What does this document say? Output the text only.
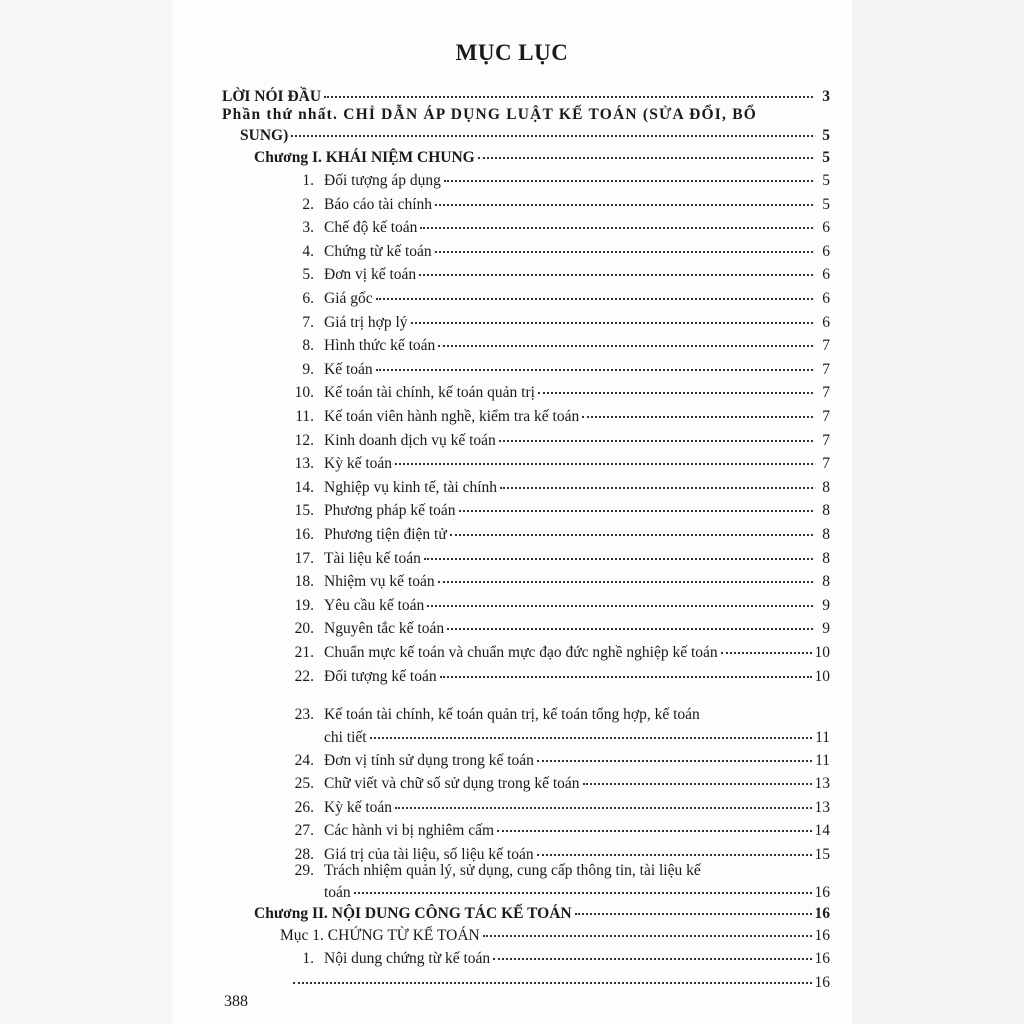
MỤC LỤC
LỜI NÓI ĐẦU	3
Phần thứ nhất. CHỈ DẪN ÁP DỤNG LUẬT KẾ TOÁN (SỬA ĐỔI, BỔ
SUNG)	5
Chương I. KHÁI NIỆM CHUNG	5
1. Đối tượng áp dụng	5
2. Báo cáo tài chính	5
3. Chế độ kế toán	6
4. Chứng từ kế toán	6
5. Đơn vị kế toán	6
6. Giá gốc	6
7. Giá trị hợp lý	6
8. Hình thức kế toán	7
9. Kế toán	7
10. Kế toán tài chính, kế toán quản trị	7
11. Kế toán viên hành nghề, kiểm tra kế toán	7
12. Kinh doanh dịch vụ kế toán	7
13. Kỳ kế toán	7
14. Nghiệp vụ kinh tế, tài chính	8
15. Phương pháp kế toán	8
16. Phương tiện điện tử	8
17. Tài liệu kế toán	8
18. Nhiệm vụ kế toán	8
19. Yêu cầu kế toán	9
20. Nguyên tắc kế toán	9
21. Chuẩn mực kế toán và chuẩn mực đạo đức nghề nghiệp kế toán	10
22. Đối tượng kế toán	10
23. Kế toán tài chính, kế toán quản trị, kế toán tổng hợp, kế toán
chi tiết	11
24. Đơn vị tính sử dụng trong kế toán	11
25. Chữ viết và chữ số sử dụng trong kế toán	13
26. Kỳ kế toán	13
27. Các hành vi bị nghiêm cấm	14
28. Giá trị của tài liệu, số liệu kế toán	15
29. Trách nhiệm quản lý, sử dụng, cung cấp thông tin, tài liệu kế
toán	16
Chương II. NỘI DUNG CÔNG TÁC KẾ TOÁN	16
Mục 1. CHỨNG TỪ KẾ TOÁN	16
1. Nội dung chứng từ kế toán	16
16
388
